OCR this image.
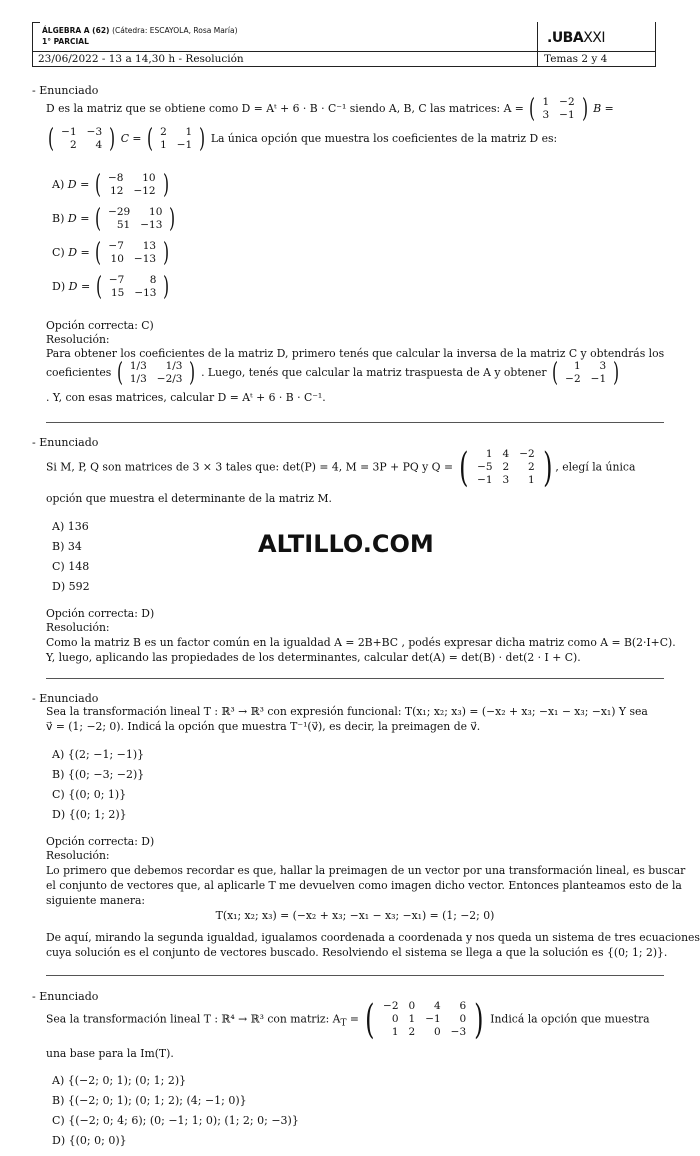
ÁLGEBRA A (62) (Cátedra: ESCAYOLA, Rosa María)
1° PARCIAL
23/06/2022 - 13 a 14,30 h - Resolución
.UBAXXI
Temas 2 y 4
- Enunciado
D es la matriz que se obtiene como D = Aᵗ + 6 · B · C⁻¹ siendo A, B, C las matrices: A = ( 1	−2
3	−1 ) B =
( −1	−3
2	4 ) C = ( 2	1
1	−1 ) La única opción que muestra los coeficientes de la matriz D es:
A) D = ( −8	10
12	−12 )
B) D = ( −29	10
51	−13 )
C) D = ( −7	13
10	−13 )
D) D = ( −7	8
15	−13 )
Opción correcta: C)
Resolución:
Para obtener los coeficientes de la matriz D, primero tenés que calcular la inversa de la matriz C y obtendrás los
coeficientes ( 1/3	1/3
1/3	−2/3 ) . Luego, tenés que calcular la matriz traspuesta de A y obtener ( 1	3
−2	−1 )
. Y, con esas matrices, calcular D = Aᵗ + 6 · B · C⁻¹.
- Enunciado
Si M, P, Q son matrices de 3 × 3 tales que: det(P) = 4, M = 3P + PQ y Q = ( 1	4	−2
−5	2	2
−1	3	1 ) , elegí la única
opción que muestra el determinante de la matriz M.
A) 136
B) 34
C) 148
D) 592
Opción correcta: D)
Resolución:
Como la matriz B es un factor común en la igualdad A = 2B+BC , podés expresar dicha matriz como A = B(2·I+C).
Y, luego, aplicando las propiedades de los determinantes, calcular det(A) = det(B) · det(2 · I + C).
ALTILLO.COM
- Enunciado
Sea la transformación lineal T : ℝ³ → ℝ³ con expresión funcional: T(x₁; x₂; x₃) = (−x₂ + x₃; −x₁ − x₃; −x₁) Y sea
v⃗ = (1; −2; 0). Indicá la opción que muestra T⁻¹(v⃗), es decir, la preimagen de v⃗.
A) {(2; −1; −1)}
B) {(0; −3; −2)}
C) {(0; 0; 1)}
D) {(0; 1; 2)}
Opción correcta: D)
Resolución:
Lo primero que debemos recordar es que, hallar la preimagen de un vector por una transformación lineal, es buscar
el conjunto de vectores que, al aplicarle T me devuelven como imagen dicho vector. Entonces planteamos esto de la
siguiente manera:
T(x₁; x₂; x₃) = (−x₂ + x₃; −x₁ − x₃; −x₁) = (1; −2; 0)
De aquí, mirando la segunda igualdad, igualamos coordenada a coordenada y nos queda un sistema de tres ecuaciones
cuya solución es el conjunto de vectores buscado. Resolviendo el sistema se llega a que la solución es {(0; 1; 2)}.
- Enunciado
Sea la transformación lineal T : ℝ⁴ → ℝ³ con matriz: $A_T$ = ( −2	0	4	6
0	1	−1	0
1	2	0	−3 ) Indicá la opción que muestra
una base para la Im(T).
A) {(−2; 0; 1); (0; 1; 2)}
B) {(−2; 0; 1); (0; 1; 2); (4; −1; 0)}
C) {(−2; 0; 4; 6); (0; −1; 1; 0); (1; 2; 0; −3)}
D) {(0; 0; 0)}
